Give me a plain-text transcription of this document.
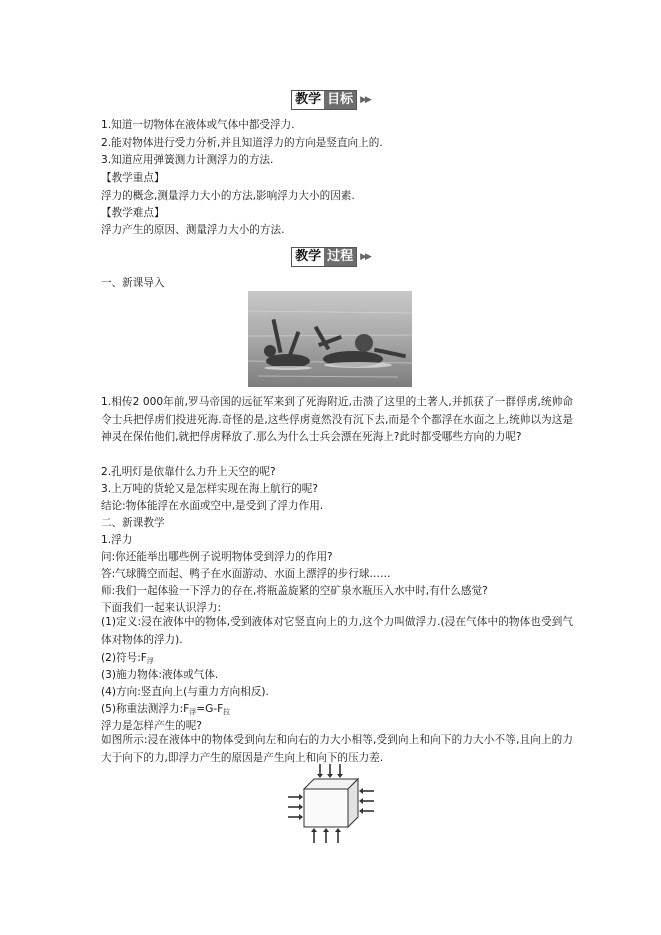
教学 目标 ▶▶
1.知道一切物体在液体或气体中都受浮力.
2.能对物体进行受力分析,并且知道浮力的方向是竖直向上的.
3.知道应用弹簧测力计测浮力的方法.
【教学重点】
浮力的概念,测量浮力大小的方法,影响浮力大小的因素.
【教学难点】
浮力产生的原因、测量浮力大小的方法.
教学 过程 ▶▶
一、新课导入
1.相传2 000年前,罗马帝国的远征军来到了死海附近,击溃了这里的土著人,并抓获了一群俘虏,统帅命令士兵把俘虏们投进死海.奇怪的是,这些俘虏竟然没有沉下去,而是个个都浮在水面之上,统帅以为这是神灵在保佑他们,就把俘虏释放了.那么为什么士兵会漂在死海上?此时都受哪些方向的力呢?
2.孔明灯是依靠什么力升上天空的呢?
3.上万吨的货轮又是怎样实现在海上航行的呢?
结论:物体能浮在水面或空中,是受到了浮力作用.
二、新课教学
1.浮力
问:你还能举出哪些例子说明物体受到浮力的作用?
答:气球腾空而起、鸭子在水面游动、水面上漂浮的步行球……
师:我们一起体验一下浮力的存在,将瓶盖旋紧的空矿泉水瓶压入水中时,有什么感觉?
下面我们一起来认识浮力:
(1)定义:浸在液体中的物体,受到液体对它竖直向上的力,这个力叫做浮力.(浸在气体中的物体也受到气体对物体的浮力).
(2)符号$:F_浮$
(3)施力物体:液体或气体.
(4)方向:竖直向上(与重力方向相反).
(5)称重法测浮力$:F_浮=G-F_拉$
浮力是怎样产生的呢?
如图所示:浸在液体中的物体受到向左和向右的力大小相等,受到向上和向下的力大小不等,且向上的力大于向下的力,即浮力产生的原因是产生向上和向下的压力差.
